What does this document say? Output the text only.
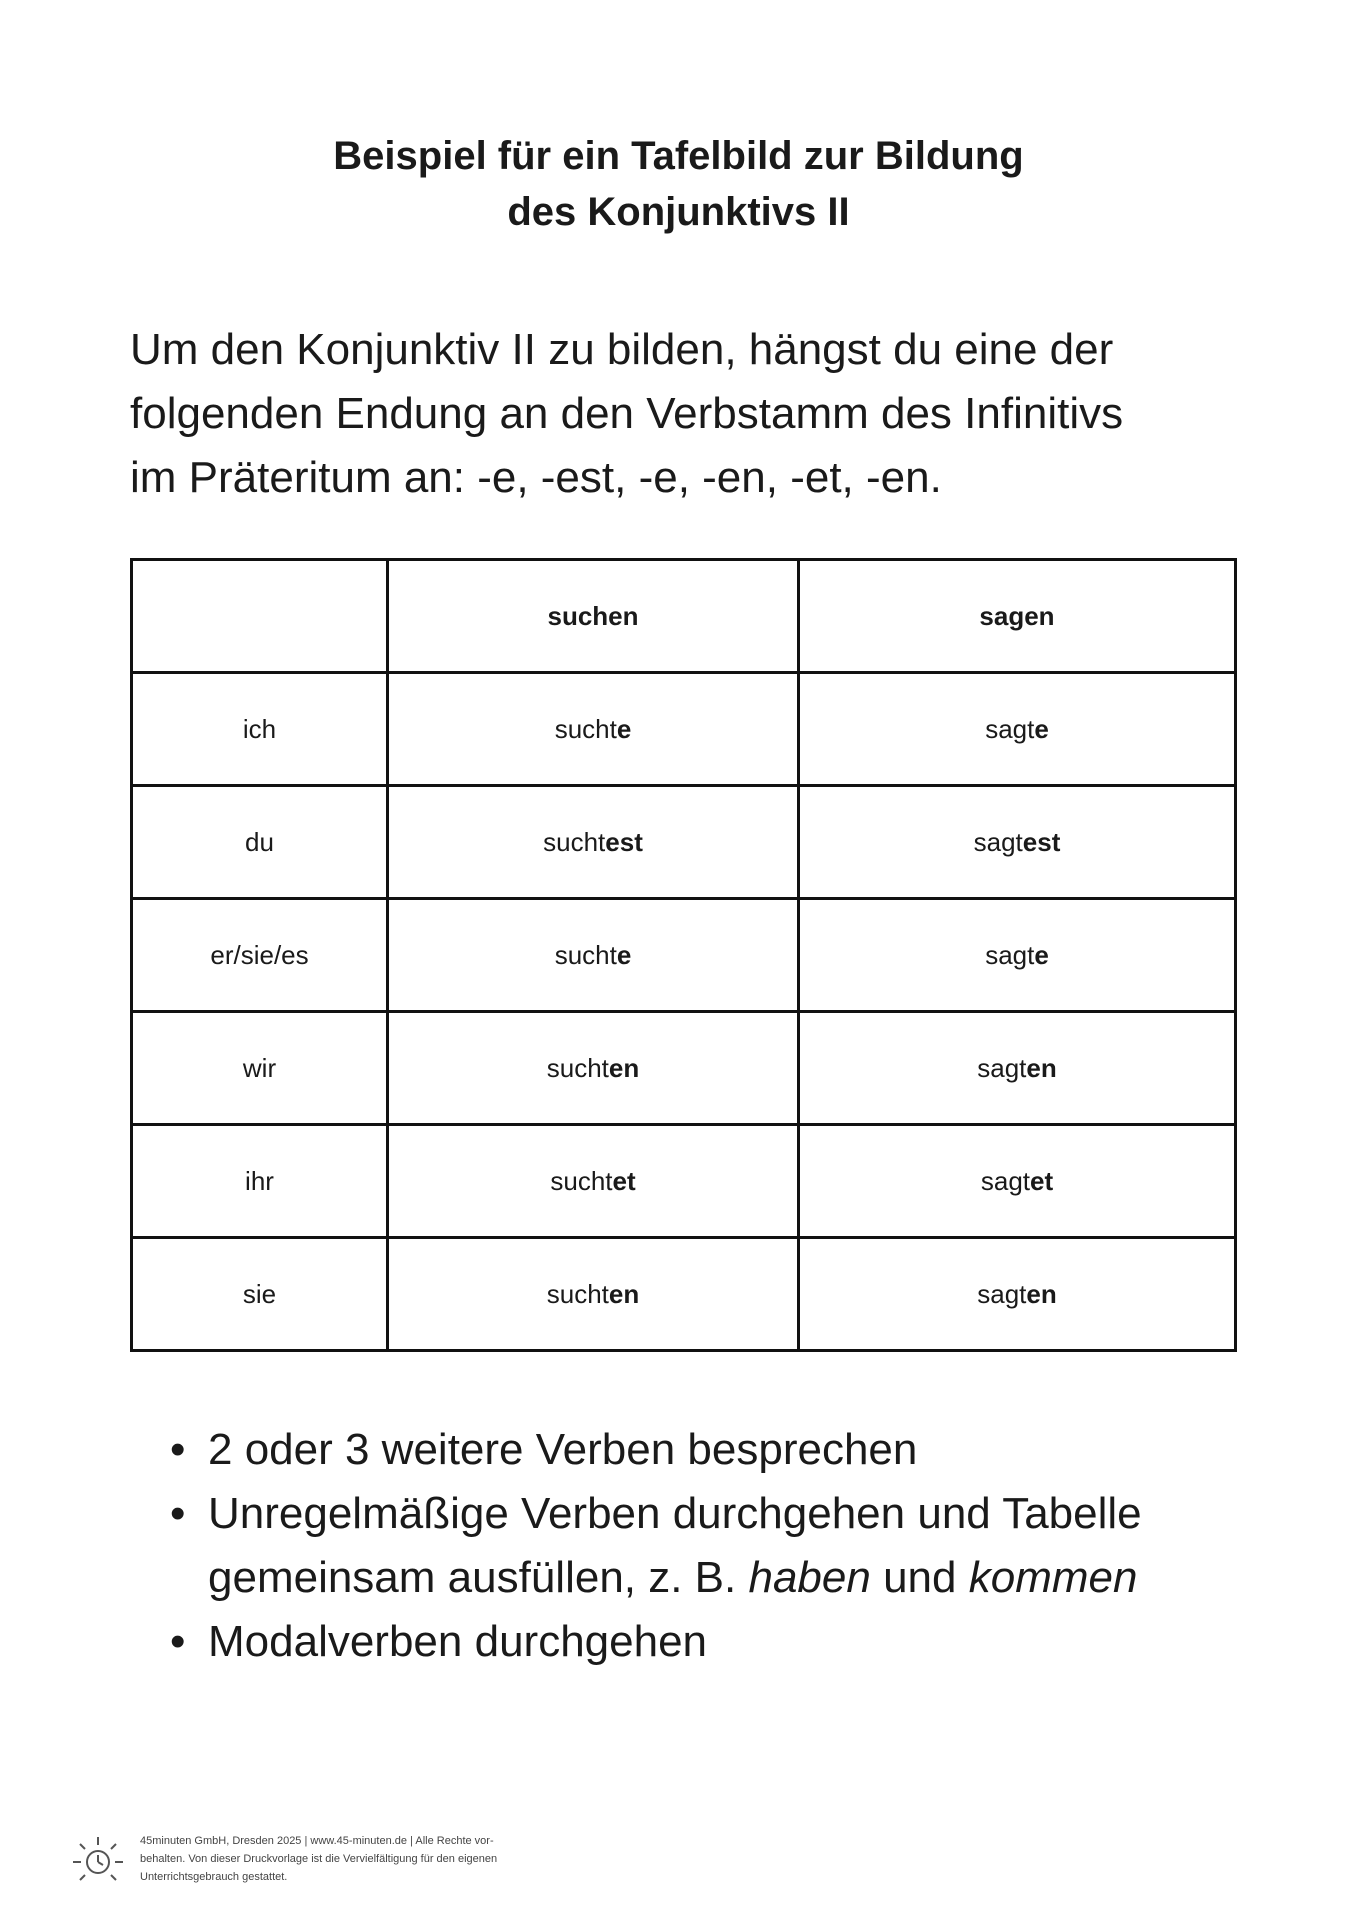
Beispiel für ein Tafelbild zur Bildung
des Konjunktivs II

Um den Konjunktiv II zu bilden, hängst du eine der
folgenden Endung an den Verbstamm des Infinitivs
im Präteritum an: -e, -est, -e, -en, -et, -en.

	suchen	sagen
ich	suchte	sagte
du	suchtest	sagtest
er/sie/es	suchte	sagte
wir	suchten	sagten
ihr	suchtet	sagtet
sie	suchten	sagten
• 2 oder 3 weitere Verben besprechen
• Unregelmäßige Verben durchgehen und Tabelle
gemeinsam ausfüllen, z. B. haben und kommen
• Modalverben durchgehen
45minuten GmbH, Dresden 2025 | www.45-minuten.de | Alle Rechte vor-
behalten. Von dieser Druckvorlage ist die Vervielfältigung für den eigenen
Unterrichtsgebrauch gestattet.
